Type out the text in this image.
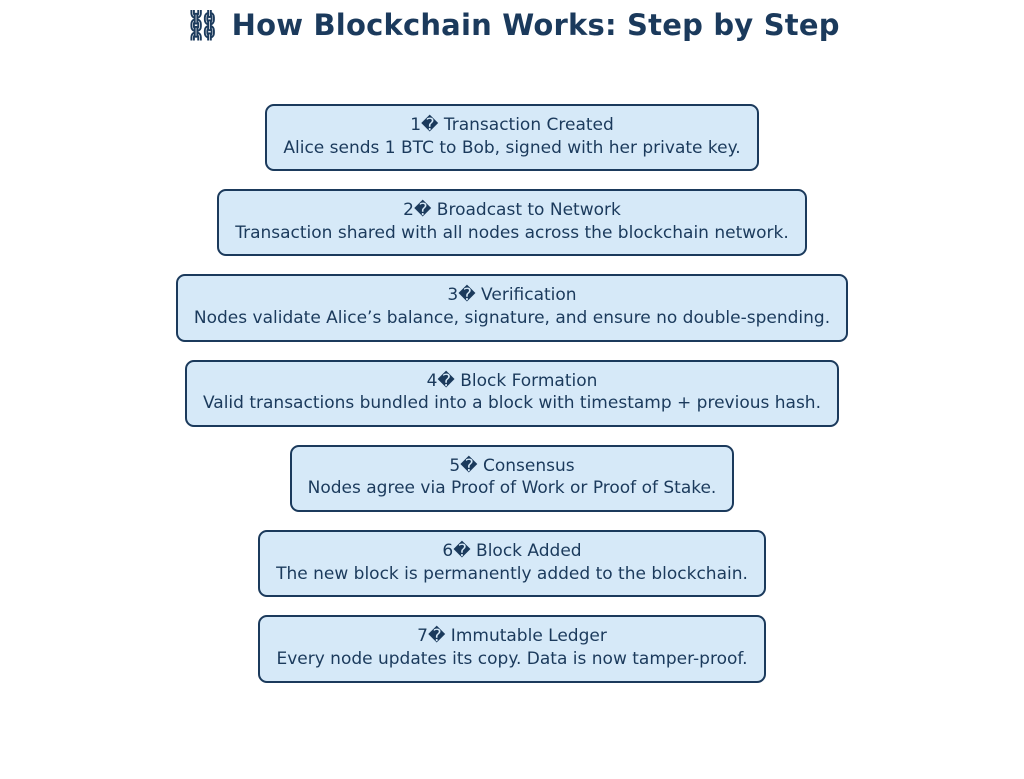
⛓ How Blockchain Works: Step by Step
1� Transaction Created
Alice sends 1 BTC to Bob, signed with her private key.
2� Broadcast to Network
Transaction shared with all nodes across the blockchain network.
3� Verification
Nodes validate Alice’s balance, signature, and ensure no double-spending.
4� Block Formation
Valid transactions bundled into a block with timestamp + previous hash.
5� Consensus
Nodes agree via Proof of Work or Proof of Stake.
6� Block Added
The new block is permanently added to the blockchain.
7� Immutable Ledger
Every node updates its copy. Data is now tamper-proof.
